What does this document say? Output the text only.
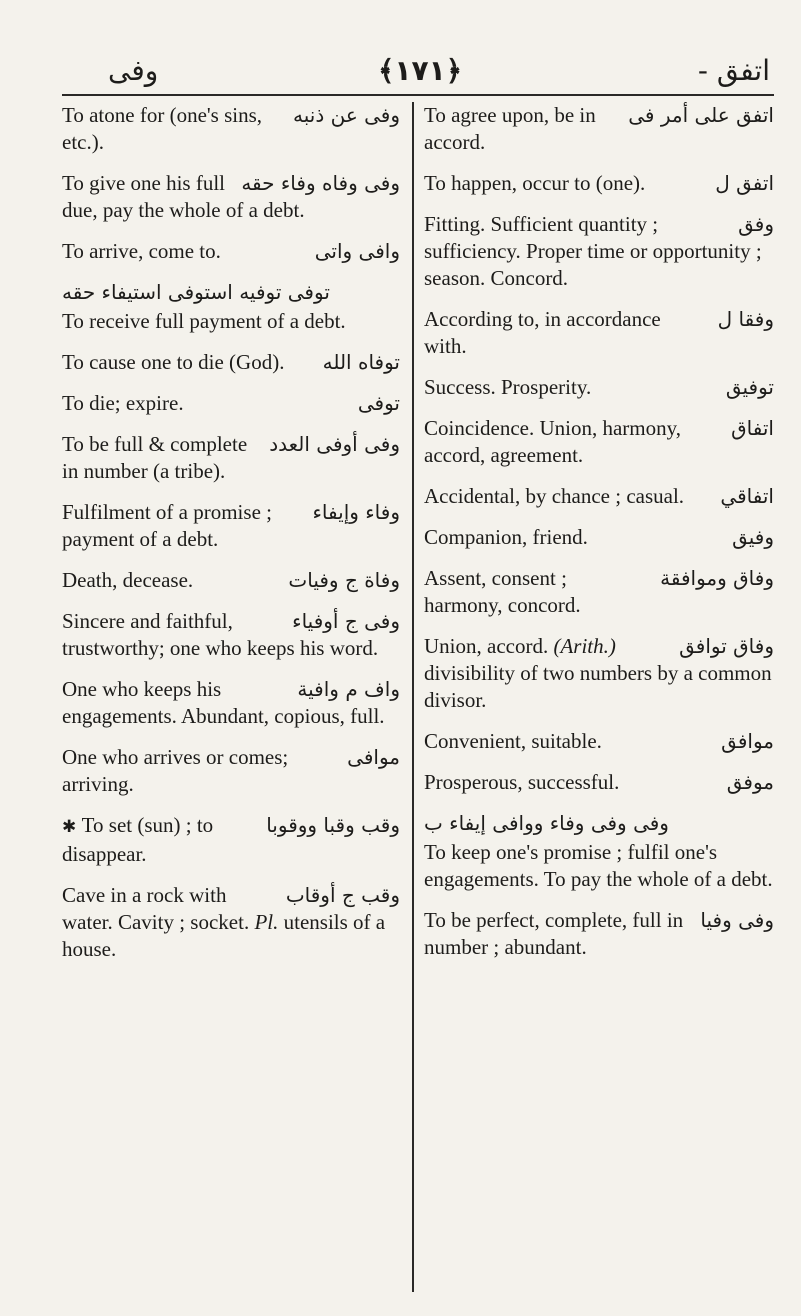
وفى	﴿١٧١﴾	اتفق -
وفى عن ذنبه
To atone for (one's sins, etc.).
وفى وفاه وفاء حقه
To give one his full due, pay the whole of a debt.
وافى واتى
To arrive, come to.
توفى توفيه استوفى استيفاء حقه
To receive full payment of a debt.
توفاه الله
To cause one to die (God).
توفى
To die; expire.
وفى أوفى العدد
To be full & complete in number (a tribe).
وفاء وإيفاء
Fulfilment of a promise ; payment of a debt.
وفاة ج وفيات
Death, decease.
وفى ج أوفياء
Sincere and faithful, trustworthy; one who keeps his word.
واف م وافية
One who keeps his engagements. Abundant, copious, full.
موافى
One who arrives or comes; arriving.
وقب وقبا ووقوبا
✱ To set (sun) ; to disappear.
وقب ج أوقاب
Cave in a rock with water. Cavity ; socket. Pl. utensils of a house.
اتفق على أمر فى
To agree upon, be in accord.
اتفق ل
To happen, occur to (one).
وفق
Fitting. Sufficient quantity ; sufficiency. Proper time or opportunity ; season. Concord.
وفقا ل
According to, in accordance with.
توفيق
Success. Prosperity.
اتفاق
Coincidence. Union, harmony, accord, agreement.
اتفاقي
Accidental, by chance ; casual.
وفيق
Companion, friend.
وفاق وموافقة
Assent, consent ; harmony, concord.
وفاق توافق
Union, accord. (Arith.) divisibility of two numbers by a common divisor.
موافق
Convenient, suitable.
موفق
Prosperous, successful.
وفى وفى وفاء ووافى إيفاء ب
To keep one's promise ; fulfil one's engagements. To pay the whole of a debt.
وفى وفيا
To be perfect, complete, full in number ; abundant.
